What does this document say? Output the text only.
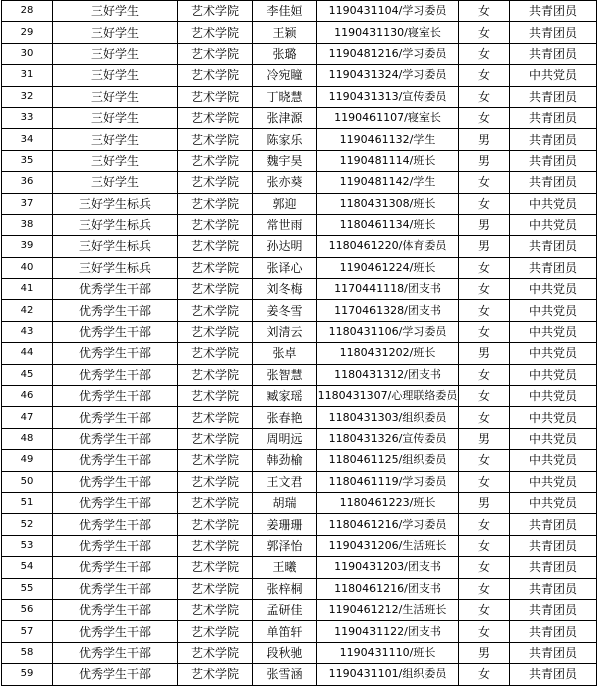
28	三好学生	艺术学院	李佳姮	1190431104/学习委员	女	共青团员
29	三好学生	艺术学院	王颖	1190431130/寝室长	女	共青团员
30	三好学生	艺术学院	张璐	1190481216/学习委员	女	共青团员
31	三好学生	艺术学院	冷宛瞳	1190431324/学习委员	女	中共党员
32	三好学生	艺术学院	丁晓慧	1190431313/宣传委员	女	共青团员
33	三好学生	艺术学院	张津源	1190461107/寝室长	女	共青团员
34	三好学生	艺术学院	陈家乐	1190461132/学生	男	共青团员
35	三好学生	艺术学院	魏宇昊	1190481114/班长	男	共青团员
36	三好学生	艺术学院	张亦葵	1190481142/学生	女	共青团员
37	三好学生标兵	艺术学院	郭迎	1180431308/班长	女	中共党员
38	三好学生标兵	艺术学院	常世雨	1180461134/班长	男	中共党员
39	三好学生标兵	艺术学院	孙达明	1180461220/体育委员	男	共青团员
40	三好学生标兵	艺术学院	张译心	1190461224/班长	女	共青团员
41	优秀学生干部	艺术学院	刘冬梅	1170441118/团支书	女	中共党员
42	优秀学生干部	艺术学院	姜冬雪	1170461328/团支书	女	中共党员
43	优秀学生干部	艺术学院	刘清云	1180431106/学习委员	女	中共党员
44	优秀学生干部	艺术学院	张卓	1180431202/班长	男	中共党员
45	优秀学生干部	艺术学院	张智慧	1180431312/团支书	女	中共党员
46	优秀学生干部	艺术学院	臧家瑶	1180431307/心理联络委员	女	中共党员
47	优秀学生干部	艺术学院	张春艳	1180431303/组织委员	女	中共党员
48	优秀学生干部	艺术学院	周明远	1180431326/宣传委员	男	中共党员
49	优秀学生干部	艺术学院	韩劲榆	1180461125/组织委员	女	中共党员
50	优秀学生干部	艺术学院	王文君	1180461119/学习委员	女	中共党员
51	优秀学生干部	艺术学院	胡瑞	1180461223/班长	男	中共党员
52	优秀学生干部	艺术学院	姜珊珊	1180461216/学习委员	女	共青团员
53	优秀学生干部	艺术学院	郭泽怡	1190431206/生活班长	女	共青团员
54	优秀学生干部	艺术学院	王曦	1190431203/团支书	女	共青团员
55	优秀学生干部	艺术学院	张梓桐	1180461216/团支书	女	共青团员
56	优秀学生干部	艺术学院	孟研佳	1190461212/生活班长	女	共青团员
57	优秀学生干部	艺术学院	单笛轩	1190431122/团支书	女	共青团员
58	优秀学生干部	艺术学院	段秋驰	1190431110/班长	男	共青团员
59	优秀学生干部	艺术学院	张雪涵	1190431101/组织委员	女	共青团员
